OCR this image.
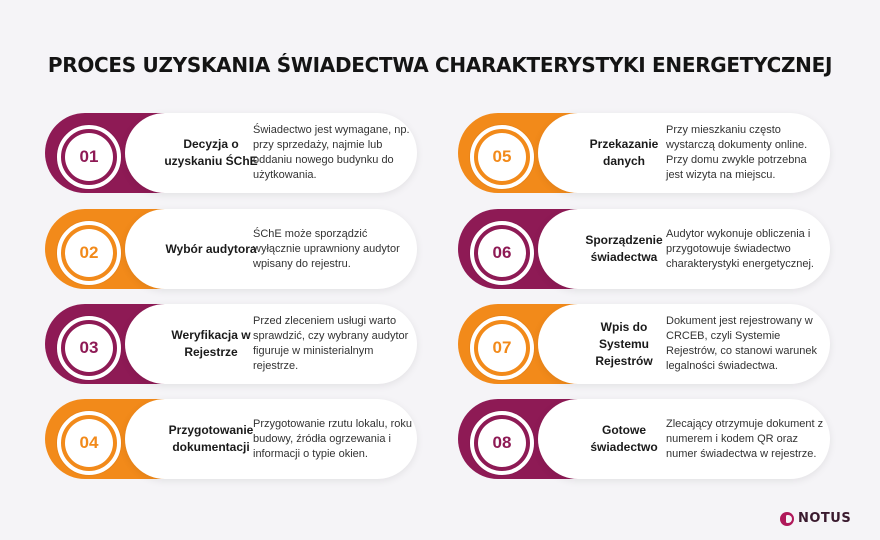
PROCES UZYSKANIA ŚWIADECTWA CHARAKTERYSTYKI ENERGETYCZNEJ
01
Decyzja o uzyskaniu ŚChE
Świadectwo jest wymagane, np. przy sprzedaży, najmie lub oddaniu nowego budynku do użytkowania.
02	Wybór audytora
ŚChE może sporządzić wyłącznie uprawniony audytor wpisany do rejestru.
03
Weryfikacja w Rejestrze
Przed zleceniem usługi warto sprawdzić, czy wybrany audytor figuruje w ministerialnym rejestrze.
04
Przygotowanie dokumentacji
Przygotowanie rzutu lokalu, roku budowy, źródła ogrzewania i informacji o typie okien.
05
Przekazanie danych
Przy mieszkaniu często wystarczą dokumenty online. Przy domu zwykle potrzebna jest wizyta na miejscu.
06
Sporządzenie świadectwa
Audytor wykonuje obliczenia i przygotowuje świadectwo charakterystyki energetycznej.
07
Wpis do Systemu Rejestrów
Dokument jest rejestrowany w CRCEB, czyli Systemie Rejestrów, co stanowi warunek legalności świadectwa.
08
Gotowe świadectwo
Zlecający otrzymuje dokument z numerem i kodem QR oraz numer świadectwa w rejestrze.
NOTUS
